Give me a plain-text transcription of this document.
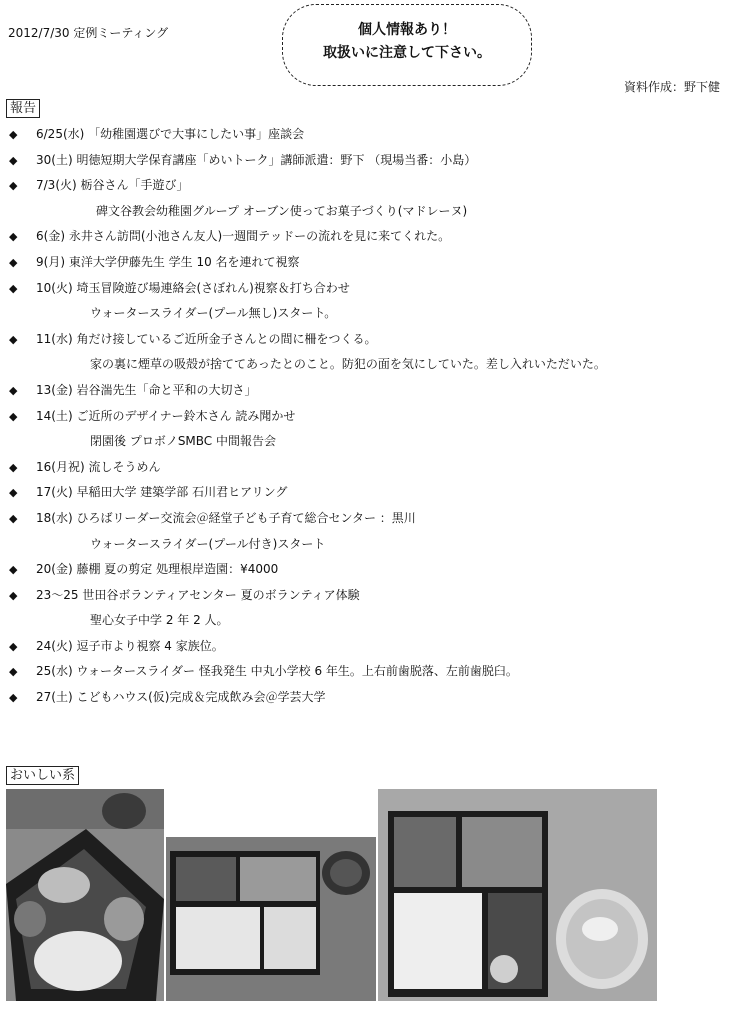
2012/7/30 定例ミーティング	個人情報あり！
取扱いに注意して下さい。
資料作成：野下健
報告
◆ 6/25(水) 「幼稚園選びで大事にしたい事」座談会
◆ 30(土) 明徳短期大学保育講座「めいトーク」講師派遣：野下 （現場当番：小島）
◆ 7/3(火) 栃谷さん「手遊び」
碑文谷教会幼稚園グループ オーブン使ってお菓子づくり(マドレーヌ)
◆ 6(金) 永井さん訪問(小池さん友人)一週間テッドーの流れを見に来てくれた。
◆ 9(月) 東洋大学伊藤先生 学生 10 名を連れて視察
◆ 10(火) 埼玉冒険遊び場連絡会(さぼれん)視察＆打ち合わせ
ウォータースライダー(プール無し)スタート。
◆ 11(水) 角だけ接しているご近所金子さんとの間に柵をつくる。
家の裏に煙草の吸殻が捨ててあったとのこと。防犯の面を気にしていた。差し入れいただいた。
◆ 13(金) 岩谷湍先生「命と平和の大切さ」
◆ 14(土) ご近所のデザイナー鈴木さん 読み聞かせ
閉園後 プロボノSMBC 中間報告会
◆ 16(月祝) 流しそうめん
◆ 17(火) 早稲田大学 建築学部 石川君ヒアリング
◆ 18(水) ひろばリーダー交流会＠経堂子ども子育て総合センター ：黒川
ウォータースライダー(プール付き)スタート
◆ 20(金) 藤棚 夏の剪定 処理根岸造園：¥4000
◆ 23～25 世田谷ボランティアセンター 夏のボランティア体験
聖心女子中学 2 年 2 人。
◆ 24(火) 逗子市より視察 4 家族位。
◆ 25(水) ウォータースライダー 怪我発生 中丸小学校 6 年生。上右前歯脱落、左前歯脱臼。
◆ 27(土) こどもハウス(仮)完成＆完成飲み会＠学芸大学
おいしい系
